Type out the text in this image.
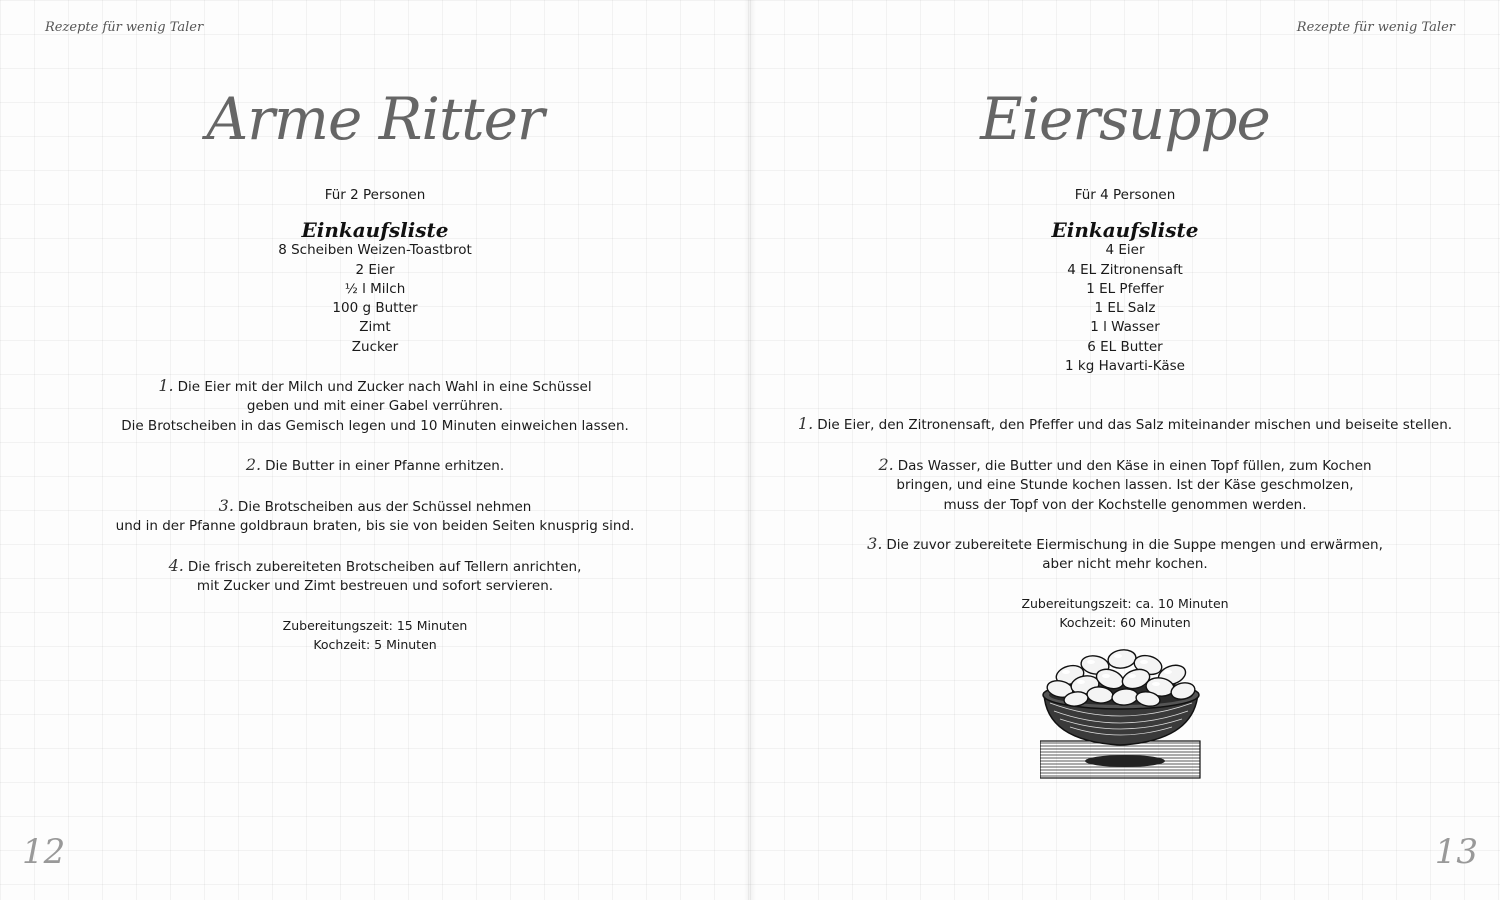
Rezepte für wenig Taler
Arme Ritter
Für 2 Personen
Einkaufsliste
8 Scheiben Weizen-Toastbrot
2 Eier
½ l Milch
100 g Butter
Zimt
Zucker
1. Die Eier mit der Milch und Zucker nach Wahl in eine Schüssel
geben und mit einer Gabel verrühren.
Die Brotscheiben in das Gemisch legen und 10 Minuten einweichen lassen.
2. Die Butter in einer Pfanne erhitzen.
3. Die Brotscheiben aus der Schüssel nehmen
und in der Pfanne goldbraun braten, bis sie von beiden Seiten knusprig sind.
4. Die frisch zubereiteten Brotscheiben auf Tellern anrichten,
mit Zucker und Zimt bestreuen und sofort servieren.
Zubereitungszeit: 15 Minuten
Kochzeit: 5 Minuten
12
Rezepte für wenig Taler
Eiersuppe
Für 4 Personen
Einkaufsliste
4 Eier
4 EL Zitronensaft
1 EL Pfeffer
1 EL Salz
1 l Wasser
6 EL Butter
1 kg Havarti-Käse
1. Die Eier, den Zitronensaft, den Pfeffer und das Salz miteinander mischen und beiseite stellen.
2. Das Wasser, die Butter und den Käse in einen Topf füllen, zum Kochen
bringen, und eine Stunde kochen lassen. Ist der Käse geschmolzen,
muss der Topf von der Kochstelle genommen werden.
3. Die zuvor zubereitete Eiermischung in die Suppe mengen und erwärmen,
aber nicht mehr kochen.
Zubereitungszeit: ca. 10 Minuten
Kochzeit: 60 Minuten
13
